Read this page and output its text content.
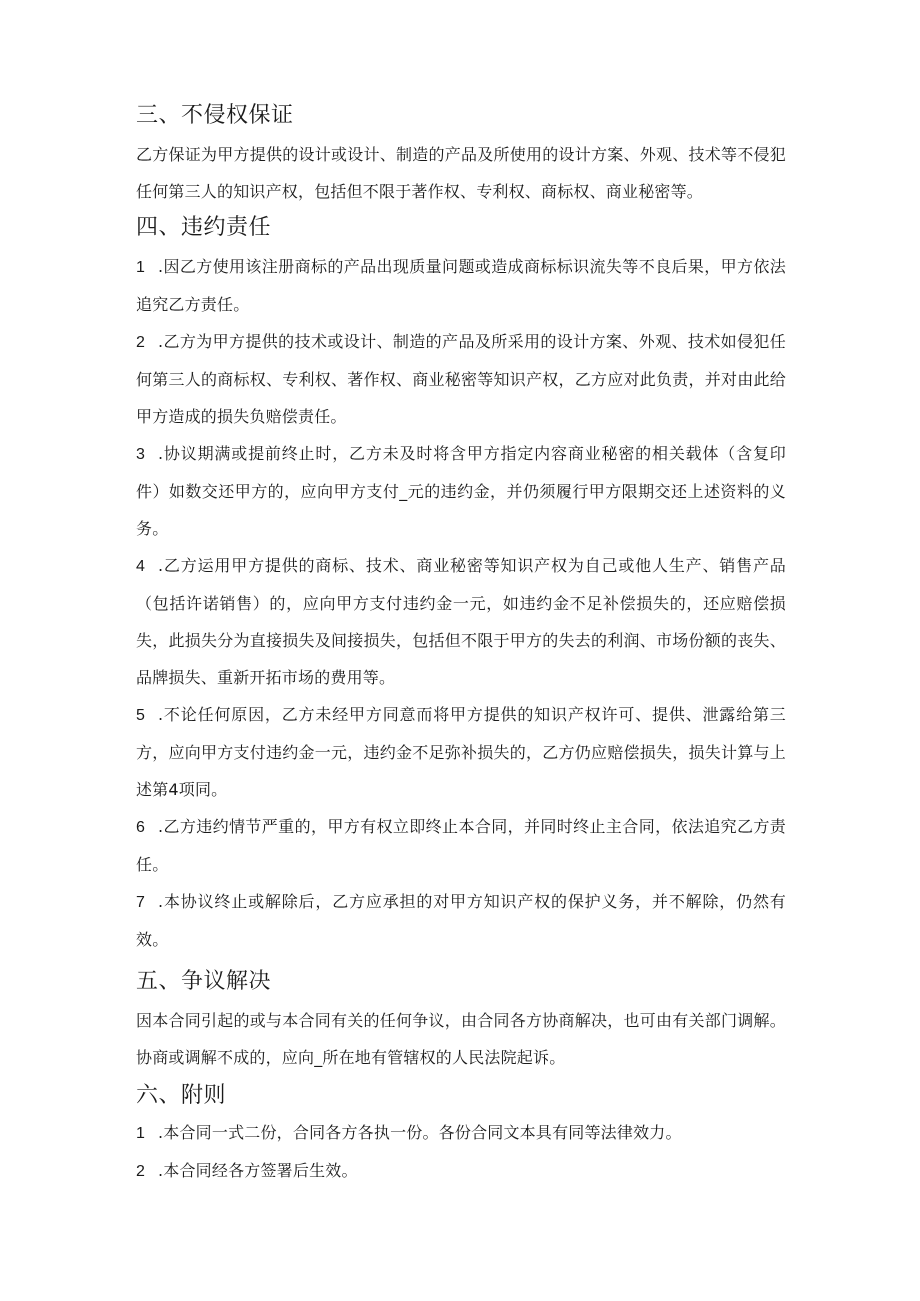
三、不侵权保证

乙方保证为甲方提供的设计或设计、制造的产品及所使用的设计方案、外观、技术等不侵犯任何第三人的知识产权，包括但不限于著作权、专利权、商标权、商业秘密等。

四、违约责任

1 .因乙方使用该注册商标的产品出现质量问题或造成商标标识流失等不良后果，甲方依法追究乙方责任。

2 .乙方为甲方提供的技术或设计、制造的产品及所采用的设计方案、外观、技术如侵犯任何第三人的商标权、专利权、著作权、商业秘密等知识产权，乙方应对此负责，并对由此给甲方造成的损失负赔偿责任。

3 .协议期满或提前终止时，乙方未及时将含甲方指定内容商业秘密的相关载体（含复印件）如数交还甲方的，应向甲方支付_元的违约金，并仍须履行甲方限期交还上述资料的义务。

4 .乙方运用甲方提供的商标、技术、商业秘密等知识产权为自己或他人生产、销售产品（包括许诺销售）的，应向甲方支付违约金一元，如违约金不足补偿损失的，还应赔偿损失，此损失分为直接损失及间接损失，包括但不限于甲方的失去的利润、市场份额的丧失、品牌损失、重新开拓市场的费用等。

5 .不论任何原因，乙方未经甲方同意而将甲方提供的知识产权许可、提供、泄露给第三方，应向甲方支付违约金一元，违约金不足弥补损失的，乙方仍应赔偿损失，损失计算与上述第4项同。

6 .乙方违约情节严重的，甲方有权立即终止本合同，并同时终止主合同，依法追究乙方责任。

7 .本协议终止或解除后，乙方应承担的对甲方知识产权的保护义务，并不解除，仍然有效。

五、争议解决

因本合同引起的或与本合同有关的任何争议，由合同各方协商解决，也可由有关部门调解。协商或调解不成的，应向_所在地有管辖权的人民法院起诉。

六、附则

1 .本合同一式二份，合同各方各执一份。各份合同文本具有同等法律效力。

2 .本合同经各方签署后生效。
